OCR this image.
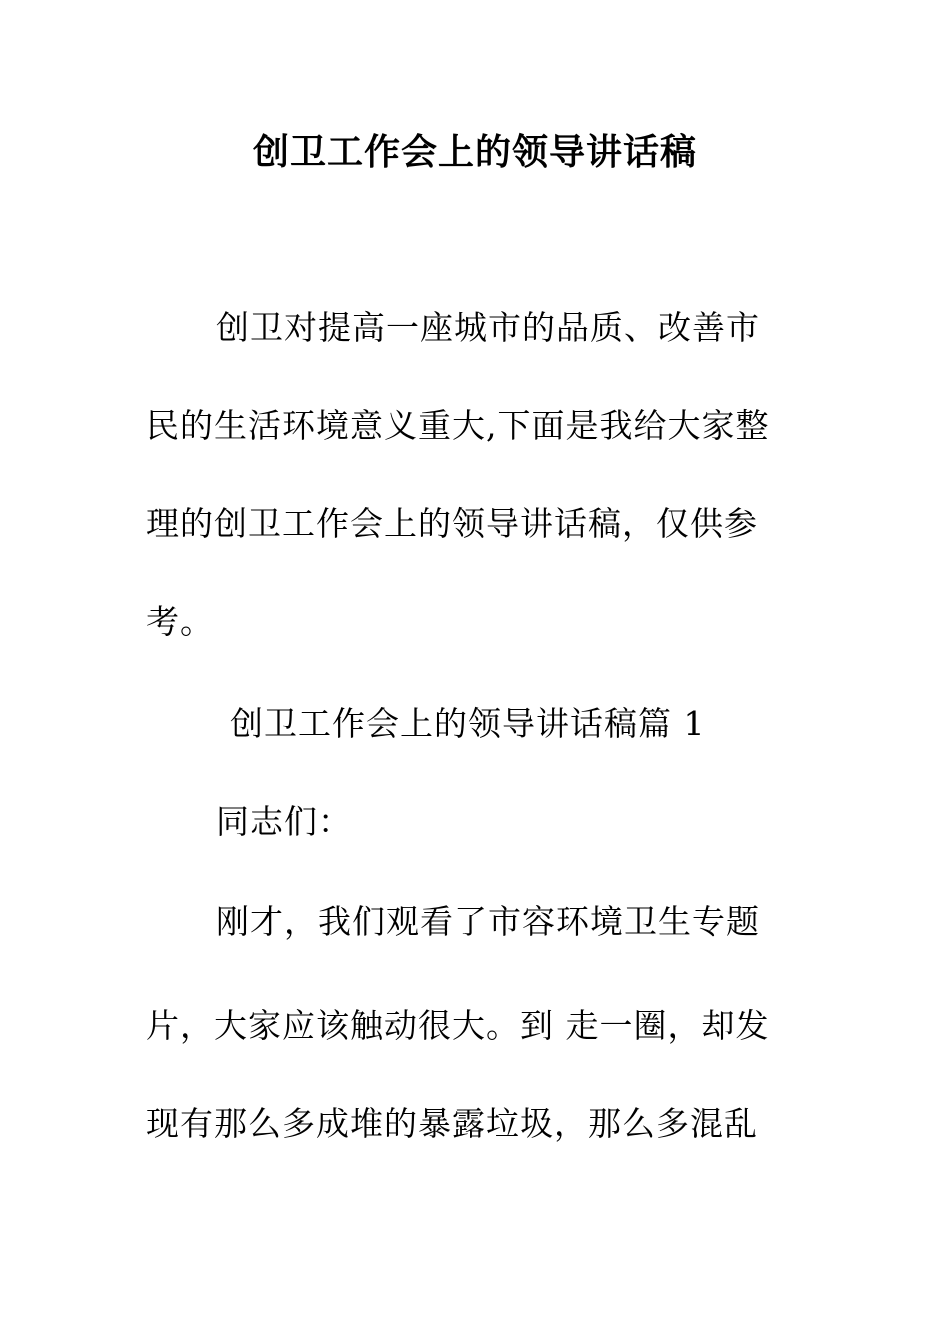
创卫工作会上的领导讲话稿
创卫对提高一座城市的品质、改善市
民的生活环境意义重大,下面是我给大家整
理的创卫工作会上的领导讲话稿，仅供参
考。
创卫工作会上的领导讲话稿篇 1
同志们：
刚才，我们观看了市容环境卫生专题
片，大家应该触动很大。到 走一圈，却发
现有那么多成堆的暴露垃圾，那么多混乱
